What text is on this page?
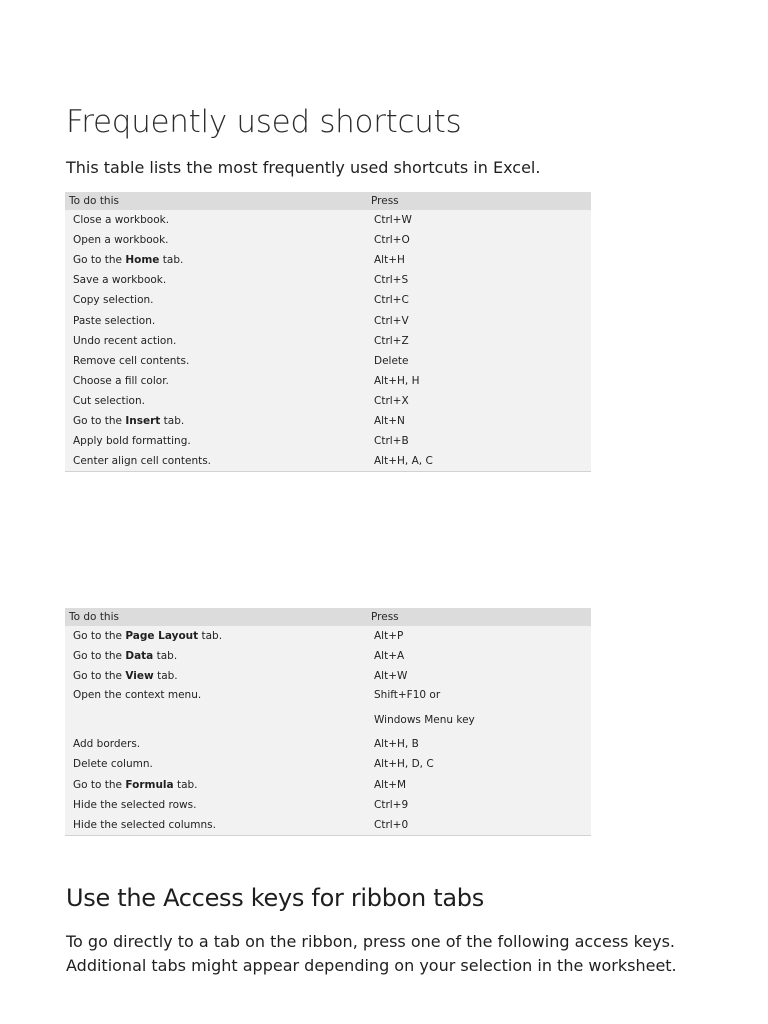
Frequently used shortcuts

This table lists the most frequently used shortcuts in Excel.

To do this	Press
Close a workbook.	Ctrl+W
Open a workbook.	Ctrl+O
Go to the Home tab.	Alt+H
Save a workbook.	Ctrl+S
Copy selection.	Ctrl+C
Paste selection.	Ctrl+V
Undo recent action.	Ctrl+Z
Remove cell contents.	Delete
Choose a fill color.	Alt+H, H
Cut selection.	Ctrl+X
Go to the Insert tab.	Alt+N
Apply bold formatting.	Ctrl+B
Center align cell contents.	Alt+H, A, C
To do this	Press
Go to the Page Layout tab.	Alt+P
Go to the Data tab.	Alt+A
Go to the View tab.	Alt+W
Open the context menu.	Shift+F10 or
Windows Menu key
Add borders.	Alt+H, B
Delete column.	Alt+H, D, C
Go to the Formula tab.	Alt+M
Hide the selected rows.	Ctrl+9
Hide the selected columns.	Ctrl+0
Use the Access keys for ribbon tabs

To go directly to a tab on the ribbon, press one of the following access keys.
Additional tabs might appear depending on your selection in the worksheet.
